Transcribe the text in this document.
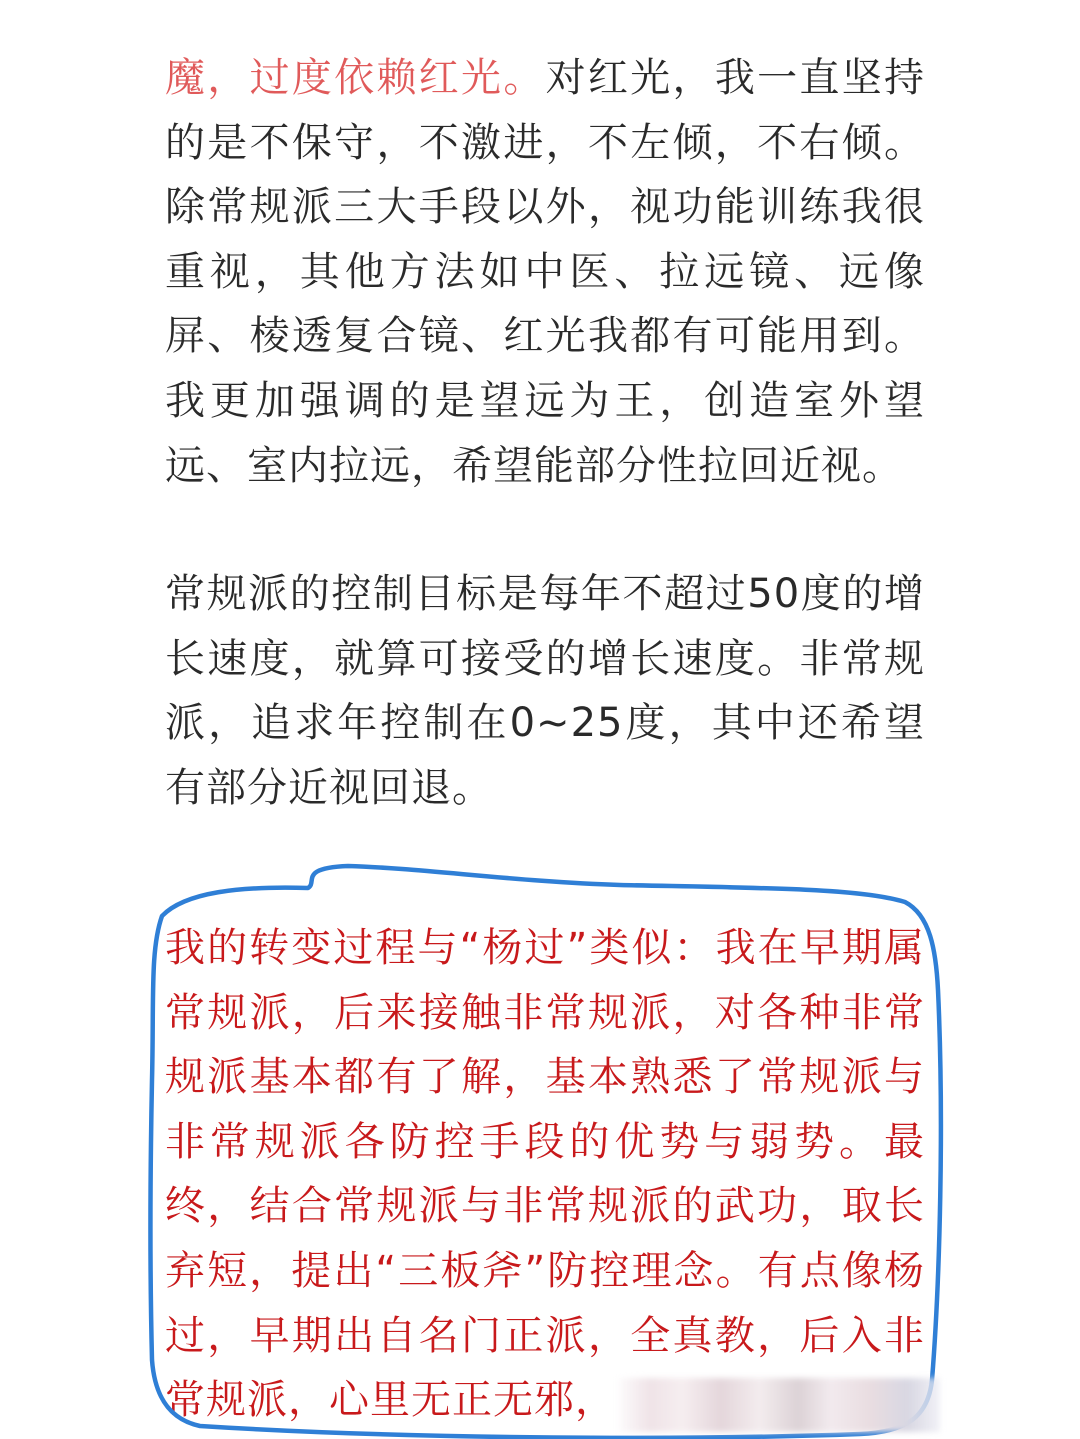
魔，过度依赖红光。对红光，我一直坚持的是不保守，不激进，不左倾，不右倾。除常规派三大手段以外，视功能训练我很重视，其他方法如中医、拉远镜、远像屏、棱透复合镜、红光我都有可能用到。我更加强调的是望远为王，创造室外望远、室内拉远，希望能部分性拉回近视。

常规派的控制目标是每年不超过50度的增长速度，就算可接受的增长速度。非常规派，追求年控制在0~25度，其中还希望有部分近视回退。

我的转变过程与“杨过”类似：我在早期属常规派，后来接触非常规派，对各种非常规派基本都有了解，基本熟悉了常规派与非常规派各防控手段的优势与弱势。最终，结合常规派与非常规派的武功，取长弃短，提出“三板斧”防控理念。有点像杨过，早期出自名门正派，全真教，后入非常规派，心里无正无邪，
